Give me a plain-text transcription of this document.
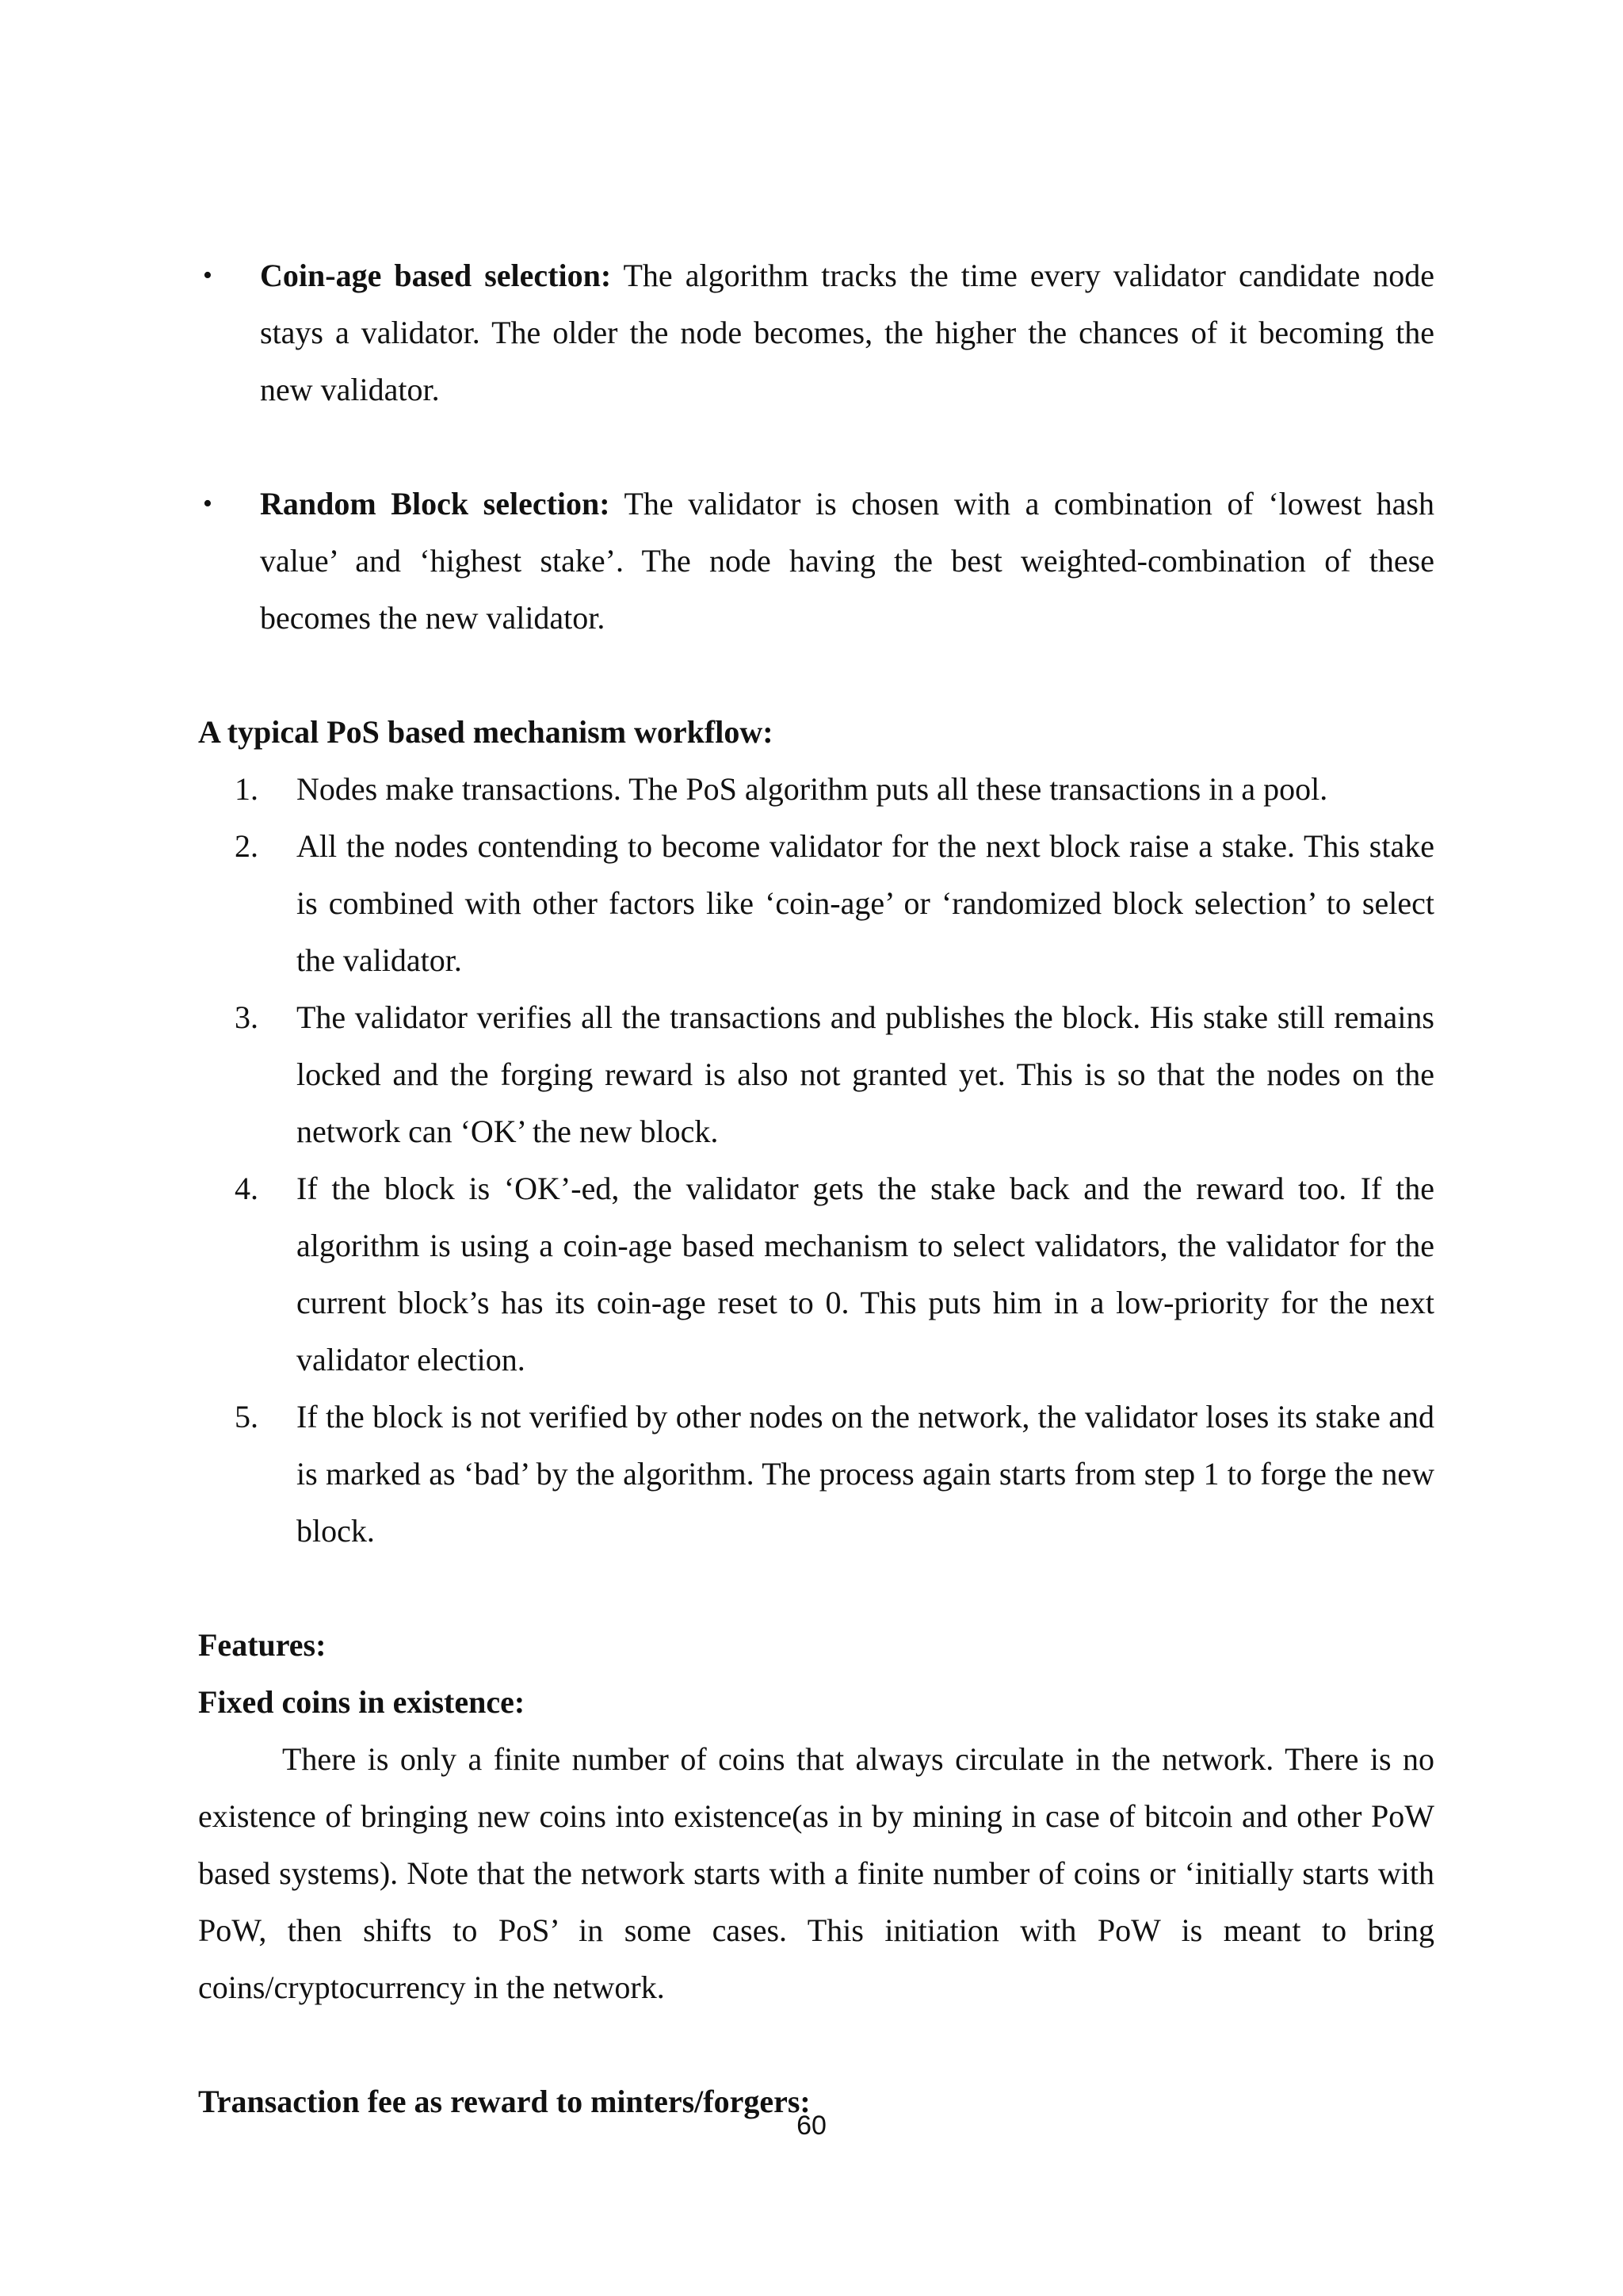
• Coin-age based selection: The algorithm tracks the time every validator candidate node stays a validator. The older the node becomes, the higher the chances of it becoming the new validator.
• Random Block selection: The validator is chosen with a combination of ‘lowest hash value’ and ‘highest stake’. The node having the best weighted-combination of these becomes the new validator.
A typical PoS based mechanism workflow:
1. Nodes make transactions. The PoS algorithm puts all these transactions in a pool.
2. All the nodes contending to become validator for the next block raise a stake. This stake is combined with other factors like ‘coin-age’ or ‘randomized block selection’ to select the validator.
3. The validator verifies all the transactions and publishes the block. His stake still remains locked and the forging reward is also not granted yet. This is so that the nodes on the network can ‘OK’ the new block.
4. If the block is ‘OK’-ed, the validator gets the stake back and the reward too. If the algorithm is using a coin-age based mechanism to select validators, the validator for the current block’s has its coin-age reset to 0. This puts him in a low-priority for the next validator election.
5. If the block is not verified by other nodes on the network, the validator loses its stake and is marked as ‘bad’ by the algorithm. The process again starts from step 1 to forge the new block.
Features:
Fixed coins in existence:

There is only a finite number of coins that always circulate in the network. There is no existence of bringing new coins into existence(as in by mining in case of bitcoin and other PoW based systems). Note that the network starts with a finite number of coins or ‘initially starts with PoW, then shifts to PoS’ in some cases. This initiation with PoW is meant to bring coins/cryptocurrency in the network.

Transaction fee as reward to minters/forgers:
60
